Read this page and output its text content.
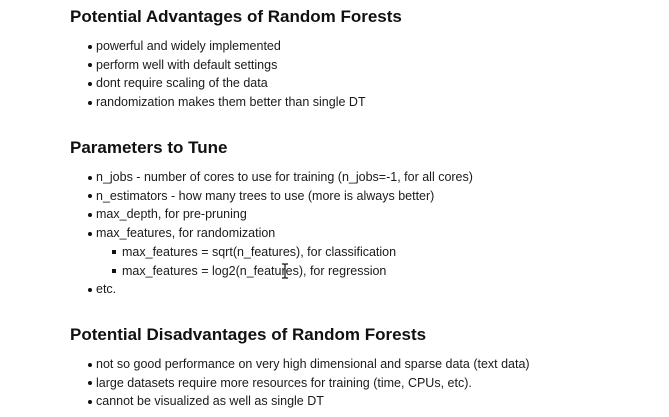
Potential Advantages of Random Forests
powerful and widely implemented
perform well with default settings
dont require scaling of the data
randomization makes them better than single DT
Parameters to Tune
n_jobs - number of cores to use for training (n_jobs=-1, for all cores)
n_estimators - how many trees to use (more is always better)
max_depth, for pre-pruning
max_features, for randomization
max_features = sqrt(n_features), for classification
max_features = log2(n_features), for regression
etc.
Potential Disadvantages of Random Forests
not so good performance on very high dimensional and sparse data (text data)
large datasets require more resources for training (time, CPUs, etc).
cannot be visualized as well as single DT
